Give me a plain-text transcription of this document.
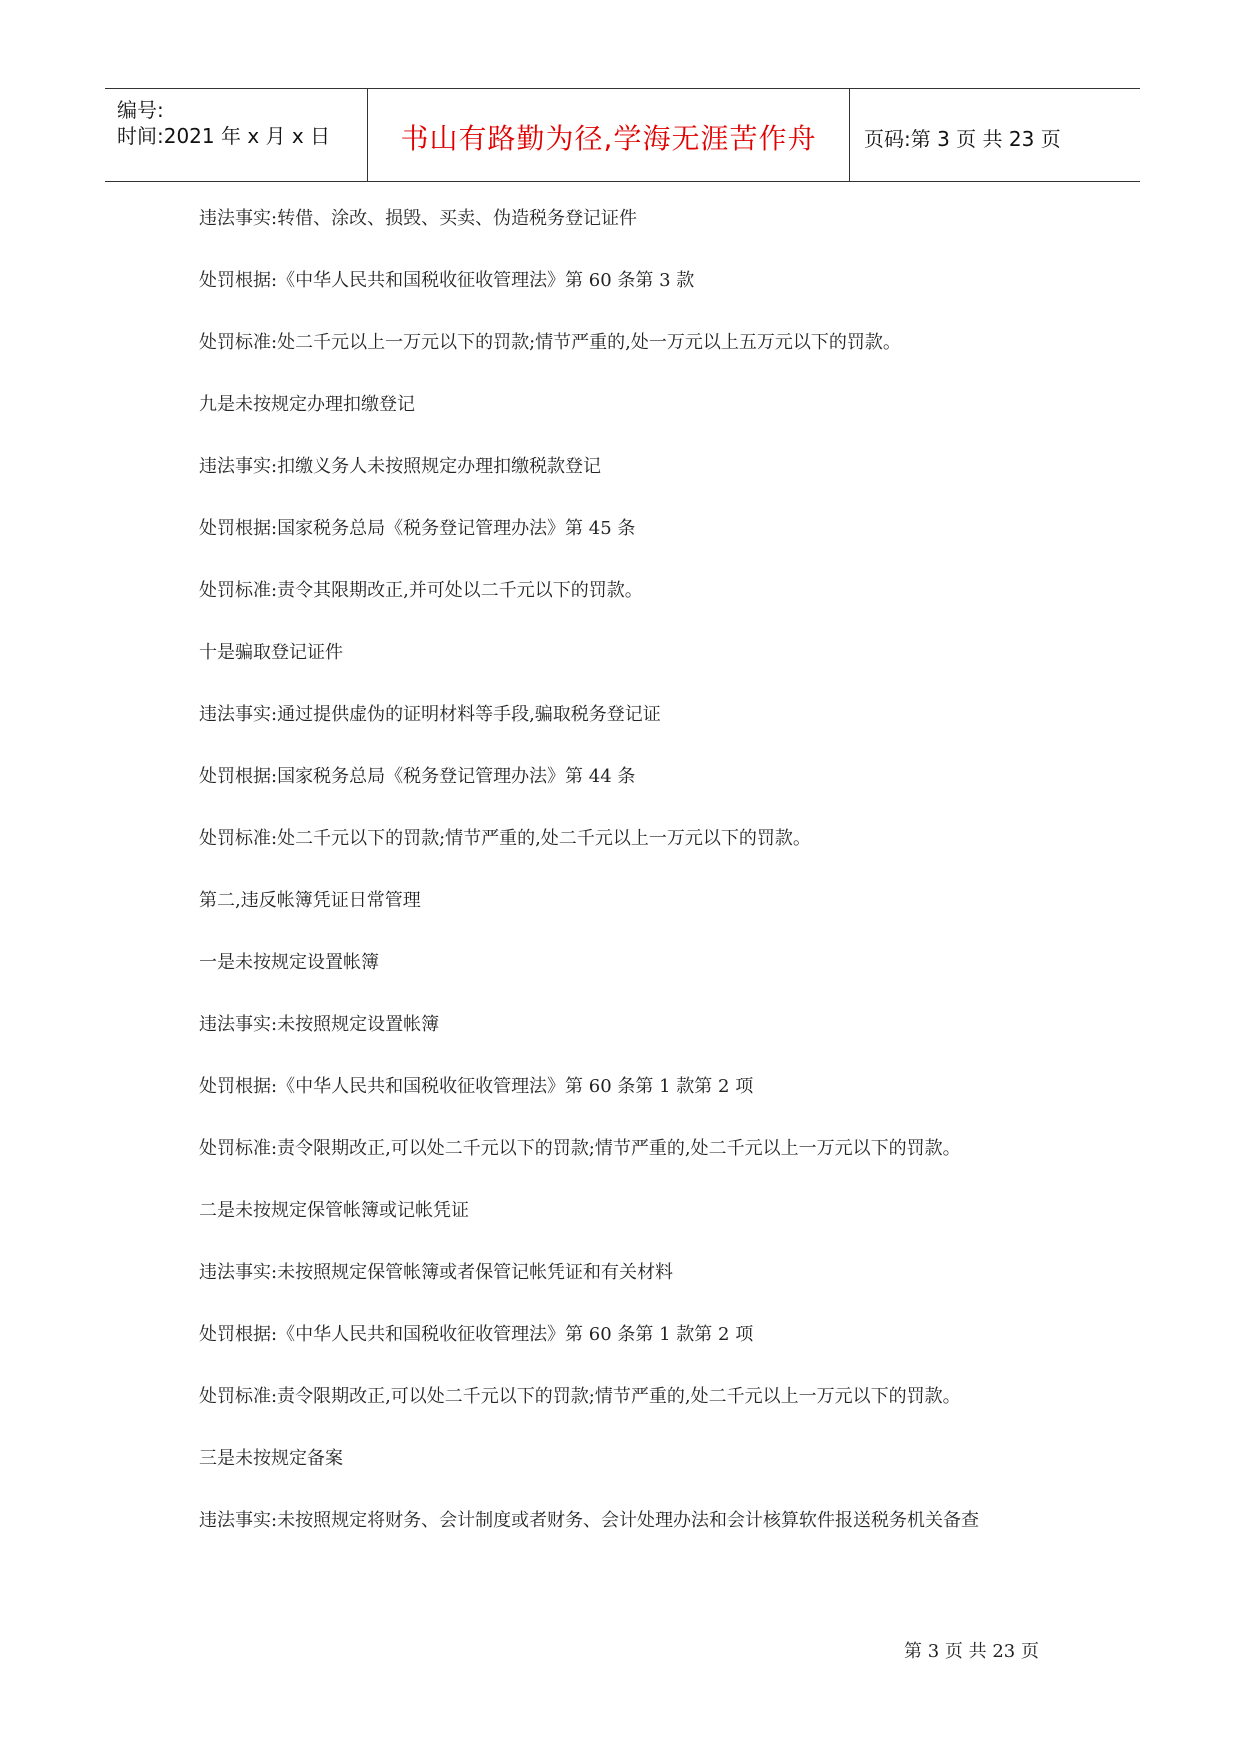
编号:
时间:2021 年 x 月 x 日	书山有路勤为径,学海无涯苦作舟 页码:第 3 页 共 23 页

违法事实:转借、涂改、损毁、买卖、伪造税务登记证件

处罚根据:《中华人民共和国税收征收管理法》第 60 条第 3 款

处罚标准:处二千元以上一万元以下的罚款;情节严重的,处一万元以上五万元以下的罚款。

九是未按规定办理扣缴登记

违法事实:扣缴义务人未按照规定办理扣缴税款登记

处罚根据:国家税务总局《税务登记管理办法》第 45 条

处罚标准:责令其限期改正,并可处以二千元以下的罚款。

十是骗取登记证件

违法事实:通过提供虚伪的证明材料等手段,骗取税务登记证

处罚根据:国家税务总局《税务登记管理办法》第 44 条

处罚标准:处二千元以下的罚款;情节严重的,处二千元以上一万元以下的罚款。

第二,违反帐簿凭证日常管理

一是未按规定设置帐簿

违法事实:未按照规定设置帐簿

处罚根据:《中华人民共和国税收征收管理法》第 60 条第 1 款第 2 项

处罚标准:责令限期改正,可以处二千元以下的罚款;情节严重的,处二千元以上一万元以下的罚款。

二是未按规定保管帐簿或记帐凭证

违法事实:未按照规定保管帐簿或者保管记帐凭证和有关材料

处罚根据:《中华人民共和国税收征收管理法》第 60 条第 1 款第 2 项

处罚标准:责令限期改正,可以处二千元以下的罚款;情节严重的,处二千元以上一万元以下的罚款。

三是未按规定备案

违法事实:未按照规定将财务、会计制度或者财务、会计处理办法和会计核算软件报送税务机关备查

第 3 页 共 23 页
